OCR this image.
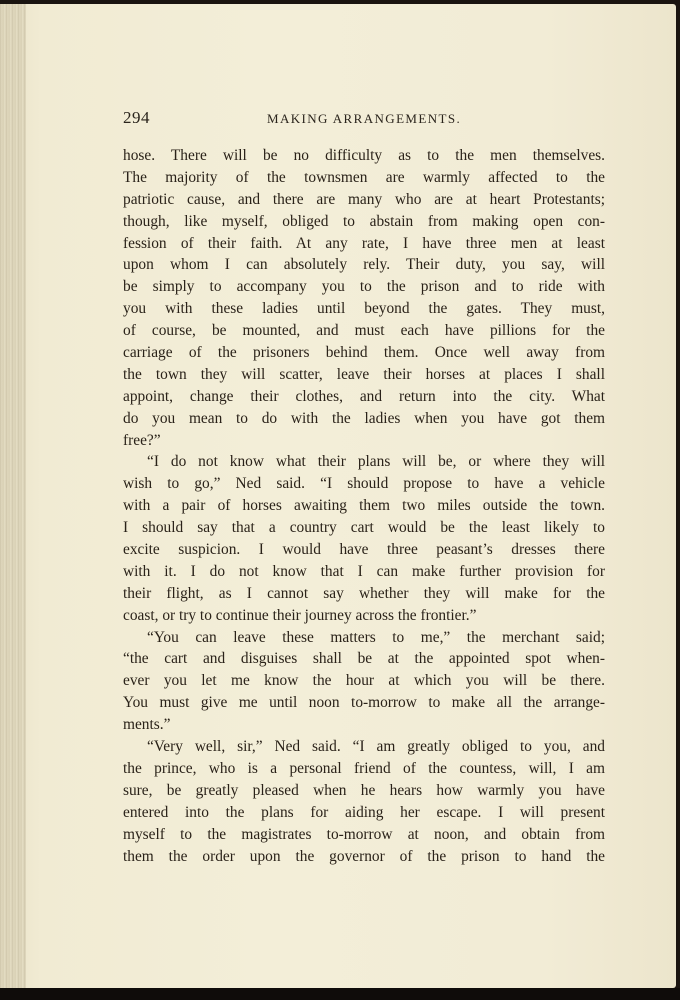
294	MAKING ARRANGEMENTS.
hose. There will be no difficulty as to the men themselves.
The majority of the townsmen are warmly affected to the
patriotic cause, and there are many who are at heart Protestants;
though, like myself, obliged to abstain from making open con-
fession of their faith. At any rate, I have three men at least
upon whom I can absolutely rely. Their duty, you say, will
be simply to accompany you to the prison and to ride with
you with these ladies until beyond the gates. They must,
of course, be mounted, and must each have pillions for the
carriage of the prisoners behind them. Once well away from
the town they will scatter, leave their horses at places I shall
appoint, change their clothes, and return into the city. What
do you mean to do with the ladies when you have got them
free?”
“I do not know what their plans will be, or where they will
wish to go,” Ned said. “I should propose to have a vehicle
with a pair of horses awaiting them two miles outside the town.
I should say that a country cart would be the least likely to
excite suspicion. I would have three peasant’s dresses there
with it. I do not know that I can make further provision for
their flight, as I cannot say whether they will make for the
coast, or try to continue their journey across the frontier.”
“You can leave these matters to me,” the merchant said;
“the cart and disguises shall be at the appointed spot when-
ever you let me know the hour at which you will be there.
You must give me until noon to-morrow to make all the arrange-
ments.”
“Very well, sir,” Ned said. “I am greatly obliged to you, and
the prince, who is a personal friend of the countess, will, I am
sure, be greatly pleased when he hears how warmly you have
entered into the plans for aiding her escape. I will present
myself to the magistrates to-morrow at noon, and obtain from
them the order upon the governor of the prison to hand the
